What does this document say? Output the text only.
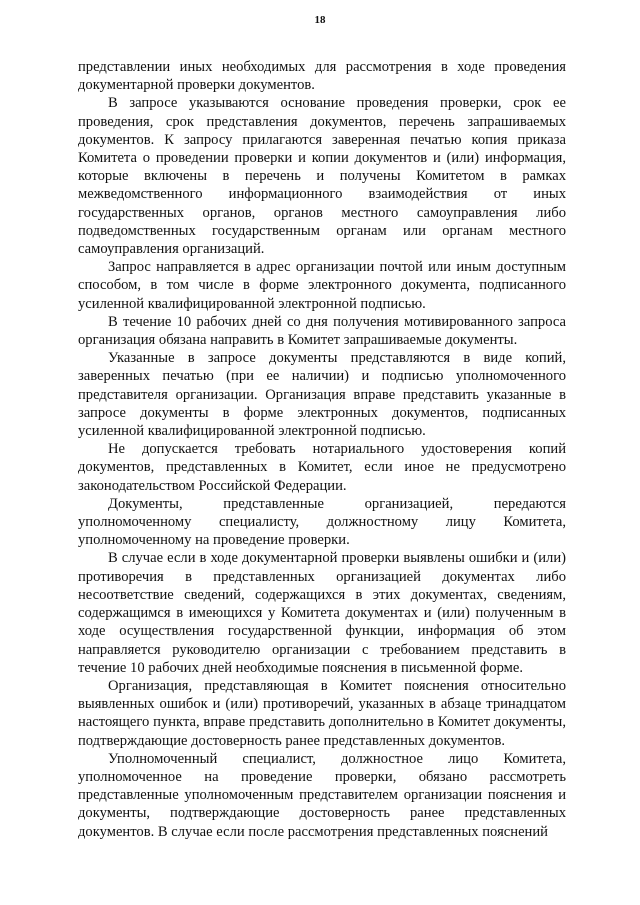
18

представлении иных необходимых для рассмотрения в ходе проведения документарной проверки документов.

В запросе указываются основание проведения проверки, срок ее проведения, срок представления документов, перечень запрашиваемых документов. К запросу прилагаются заверенная печатью копия приказа Комитета о проведении проверки и копии документов и (или) информация, которые включены в перечень и получены Комитетом в рамках межведомственного информационного взаимодействия от иных государственных органов, органов местного самоуправления либо подведомственных государственным органам или органам местного самоуправления организаций.

Запрос направляется в адрес организации почтой или иным доступным способом, в том числе в форме электронного документа, подписанного усиленной квалифицированной электронной подписью.

В течение 10 рабочих дней со дня получения мотивированного запроса организация обязана направить в Комитет запрашиваемые документы.

Указанные в запросе документы представляются в виде копий, заверенных печатью (при ее наличии) и подписью уполномоченного представителя организации. Организация вправе представить указанные в запросе документы в форме электронных документов, подписанных усиленной квалифицированной электронной подписью.

Не допускается требовать нотариального удостоверения копий документов, представленных в Комитет, если иное не предусмотрено законодательством Российской Федерации.

Документы, представленные организацией, передаются уполномоченному специалисту, должностному лицу Комитета, уполномоченному на проведение проверки.

В случае если в ходе документарной проверки выявлены ошибки и (или) противоречия в представленных организацией документах либо несоответствие сведений, содержащихся в этих документах, сведениям, содержащимся в имеющихся у Комитета документах и (или) полученным в ходе осуществления государственной функции, информация об этом направляется руководителю организации с требованием представить в течение 10 рабочих дней необходимые пояснения в письменной форме.

Организация, представляющая в Комитет пояснения относительно выявленных ошибок и (или) противоречий, указанных в абзаце тринадцатом настоящего пункта, вправе представить дополнительно в Комитет документы, подтверждающие достоверность ранее представленных документов.

Уполномоченный специалист, должностное лицо Комитета, уполномоченное на проведение проверки, обязано рассмотреть представленные уполномоченным представителем организации пояснения и документы, подтверждающие достоверность ранее представленных документов. В случае если после рассмотрения представленных пояснений
